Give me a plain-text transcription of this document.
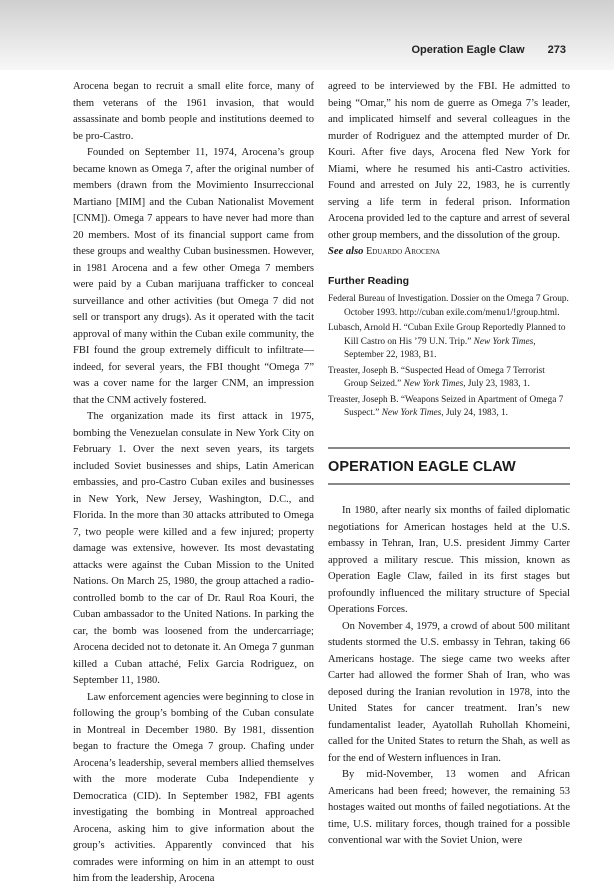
Operation Eagle Claw 273

Arocena began to recruit a small elite force, many of them veterans of the 1961 invasion, that would assassinate and bomb people and institutions deemed to be pro-Castro.

Founded on September 11, 1974, Arocena’s group became known as Omega 7, after the original number of members (drawn from the Movimiento Insurreccional Martiano [MIM] and the Cuban Nationalist Movement [CNM]). Omega 7 appears to have never had more than 20 members. Most of its financial support came from these groups and wealthy Cuban businessmen. However, in 1981 Arocena and a few other Omega 7 members were paid by a Cuban marijuana trafficker to conceal surveillance and other activities (but Omega 7 did not sell or transport any drugs). As it operated with the tacit approval of many within the Cuban exile community, the FBI found the group extremely difficult to infiltrate—indeed, for several years, the FBI thought “Omega 7” was a cover name for the larger CNM, an impression that the CNM actively fostered.

The organization made its first attack in 1975, bombing the Venezuelan consulate in New York City on February 1. Over the next seven years, its targets included Soviet businesses and ships, Latin American embassies, and pro-Castro Cuban exiles and businesses in New York, New Jersey, Washington, D.C., and Florida. In the more than 30 attacks attributed to Omega 7, two people were killed and a few injured; property damage was extensive, however. Its most devastating attacks were against the Cuban Mission to the United Nations. On March 25, 1980, the group attached a radio-controlled bomb to the car of Dr. Raul Roa Kouri, the Cuban ambassador to the United Nations. In parking the car, the bomb was loosened from the undercarriage; Arocena decided not to detonate it. An Omega 7 gunman killed a Cuban attaché, Felix Garcia Rodriguez, on September 11, 1980.

Law enforcement agencies were beginning to close in following the group’s bombing of the Cuban consulate in Montreal in December 1980. By 1981, dissention began to fracture the Omega 7 group. Chafing under Arocena’s leadership, several members allied themselves with the more moderate Cuba Independiente y Democratica (CID). In September 1982, FBI agents investigating the bombing in Montreal approached Arocena, asking him to give information about the group’s activities. Apparently convinced that his comrades were informing on him in an attempt to oust him from the leadership, Arocena

agreed to be interviewed by the FBI. He admitted to being “Omar,” his nom de guerre as Omega 7’s leader, and implicated himself and several colleagues in the murder of Rodriguez and the attempted murder of Dr. Kouri. After five days, Arocena fled New York for Miami, where he resumed his anti-Castro activities. Found and arrested on July 22, 1983, he is currently serving a life term in federal prison. Information Arocena provided led to the capture and arrest of several other group members, and the dissolution of the group.

See also Eduardo Arocena

Further Reading
Federal Bureau of Investigation. Dossier on the Omega 7 Group. October 1993. http://cuban exile.com/menu1/!group.html.
Lubasch, Arnold H. “Cuban Exile Group Reportedly Planned to Kill Castro on His ’79 U.N. Trip.” New York Times, September 22, 1983, B1.
Treaster, Joseph B. “Suspected Head of Omega 7 Terrorist Group Seized.” New York Times, July 23, 1983, 1.
Treaster, Joseph B. “Weapons Seized in Apartment of Omega 7 Suspect.” New York Times, July 24, 1983, 1.
OPERATION EAGLE CLAW

In 1980, after nearly six months of failed diplomatic negotiations for American hostages held at the U.S. embassy in Tehran, Iran, U.S. president Jimmy Carter approved a military rescue. This mission, known as Operation Eagle Claw, failed in its first stages but profoundly influenced the military structure of Special Operations Forces.

On November 4, 1979, a crowd of about 500 militant students stormed the U.S. embassy in Tehran, taking 66 Americans hostage. The siege came two weeks after Carter had allowed the former Shah of Iran, who was deposed during the Iranian revolution in 1978, into the United States for cancer treatment. Iran’s new fundamentalist leader, Ayatollah Ruhollah Khomeini, called for the United States to return the Shah, as well as for the end of Western influences in Iran.

By mid-November, 13 women and African Americans had been freed; however, the remaining 53 hostages waited out months of failed negotiations. At the time, U.S. military forces, though trained for a possible conventional war with the Soviet Union, were
